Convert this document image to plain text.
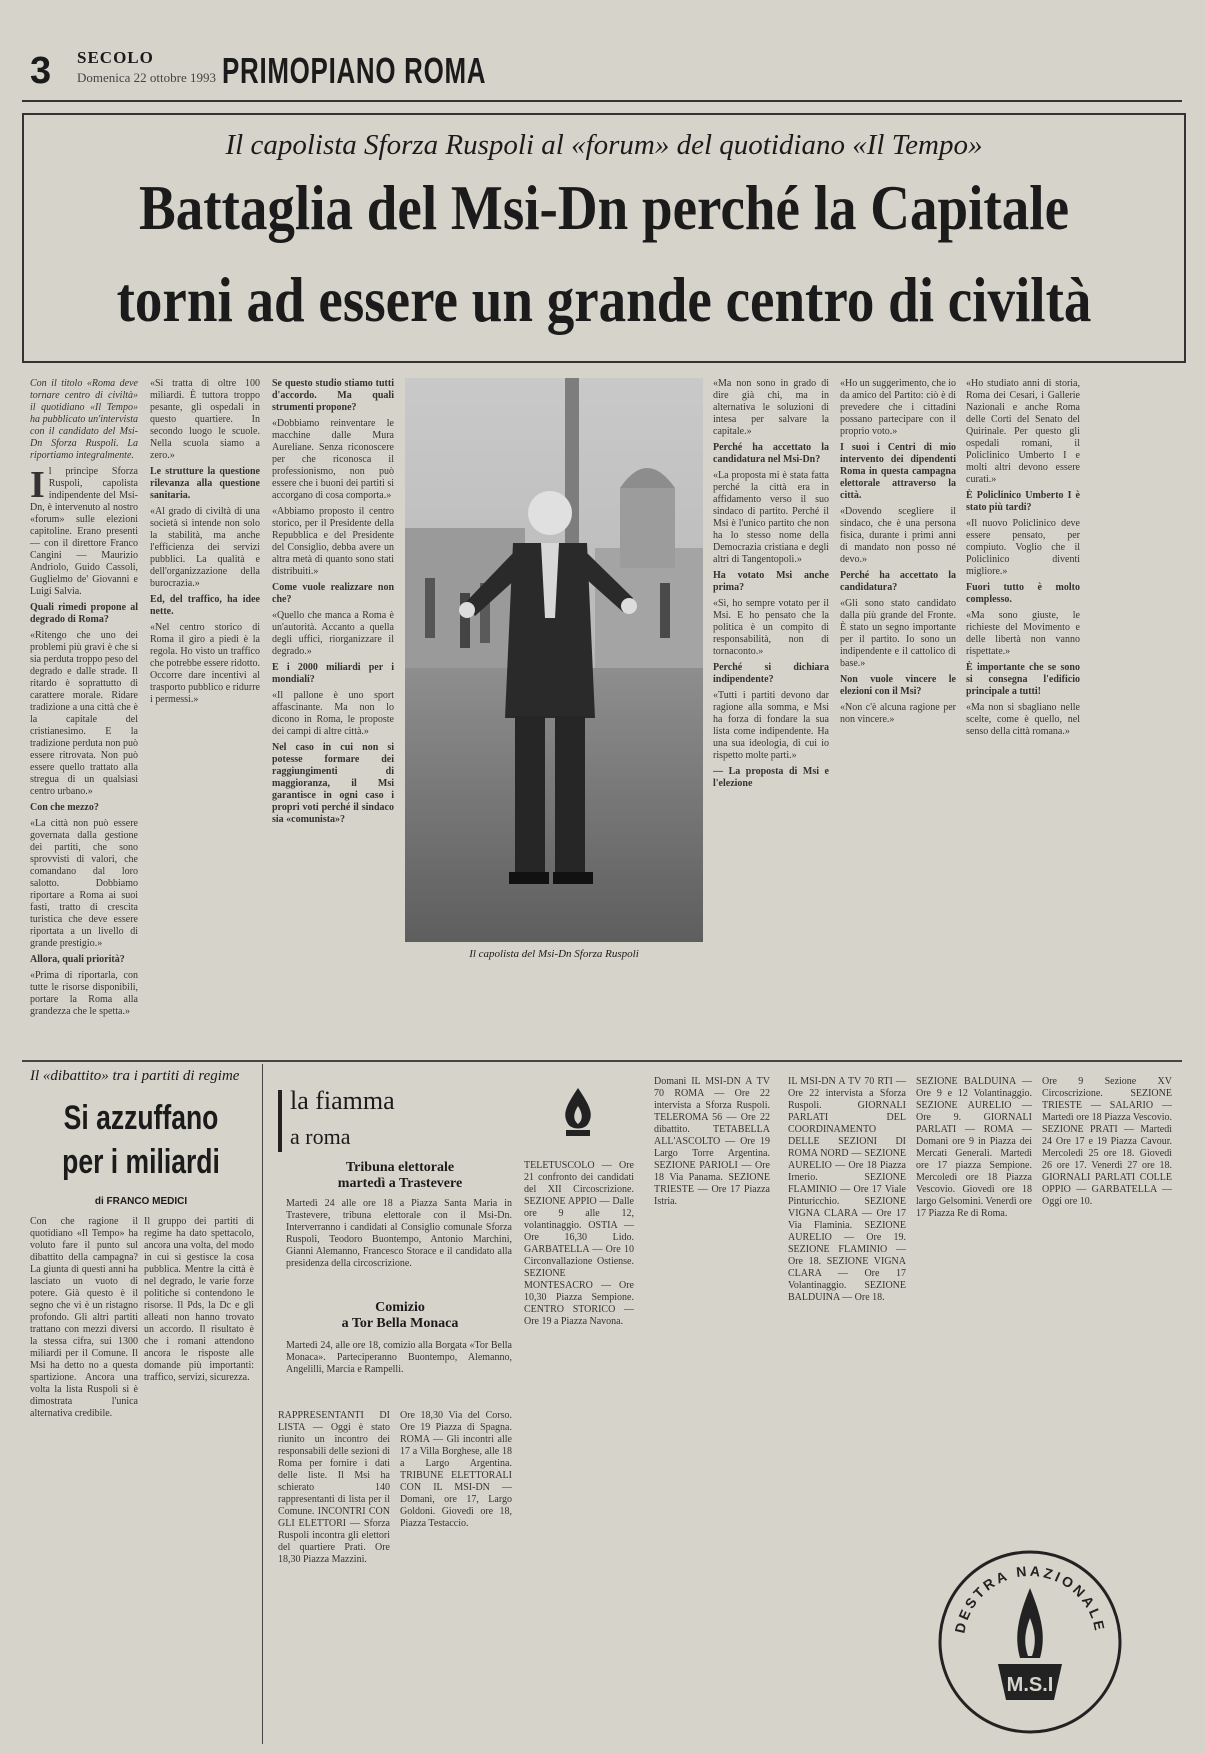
3 SECOLO
Domenica 22 ottobre 1993 PRIMOPIANO ROMA
Il capolista Sforza Ruspoli al «forum» del quotidiano «Il Tempo»
Battaglia del Msi-Dn perché la Capitale
torni ad essere un grande centro di civiltà

Con il titolo «Roma deve tornare centro di civiltà» il quotidiano «Il Tempo» ha pubblicato un'intervista con il candidato del Msi-Dn Sforza Ruspoli. La riportiamo integralmente.

Il principe Sforza Ruspoli, capolista indipendente del Msi-Dn, è intervenuto al nostro «forum» sulle elezioni capitoline. Erano presenti — con il direttore Franco Cangini — Maurizio Andriolo, Guido Cassoli, Guglielmo de' Giovanni e Luigi Salvia.

Quali rimedi propone al degrado di Roma?

«Ritengo che uno dei problemi più gravi è che si sia perduta troppo peso del degrado e dalle strade. Il ritardo è soprattutto di carattere morale. Ridare tradizione a una città che è la capitale del cristianesimo. E la tradizione perduta non può essere ritrovata. Non può essere quello trattato alla stregua di un qualsiasi centro urbano.»

Con che mezzo?

«La città non può essere governata dalla gestione dei partiti, che sono sprovvisti di valori, che comandano dal loro salotto. Dobbiamo riportare a Roma ai suoi fasti, tratto di crescita turistica che deve essere riportata a un livello di grande prestigio.»

Allora, quali priorità?

«Prima di riportarla, con tutte le risorse disponibili, portare la Roma alla grandezza che le spetta.»

«Si tratta di oltre 100 miliardi. È tuttora troppo pesante, gli ospedali in questo quartiere. In secondo luogo le scuole. Nella scuola siamo a zero.»

Le strutture la questione rilevanza alla questione sanitaria.

«Al grado di civiltà di una società si intende non solo la stabilità, ma anche l'efficienza dei servizi pubblici. La qualità e dell'organizzazione della burocrazia.»

Ed, del traffico, ha idee nette.

«Nel centro storico di Roma il giro a piedi è la regola. Ho visto un traffico che potrebbe essere ridotto. Occorre dare incentivi al trasporto pubblico e ridurre i permessi.»

Se questo studio stiamo tutti d'accordo. Ma quali strumenti propone?

«Dobbiamo reinventare le macchine dalle Mura Aureliane. Senza riconoscere per che riconosca il professionismo, non può essere che i buoni dei partiti si accorgano di cosa comporta.»

«Abbiamo proposto il centro storico, per il Presidente della Repubblica e del Presidente del Consiglio, debba avere un altra metà di quanto sono stati distribuiti.»

Come vuole realizzare non che?

«Quello che manca a Roma è un'autorità. Accanto a quella degli uffici, riorganizzare il degrado.»

E i 2000 miliardi per i mondiali?

«Il pallone è uno sport affascinante. Ma non lo dicono in Roma, le proposte dei campi di altre città.»

Nel caso in cui non si potesse formare dei raggiungimenti di maggioranza, il Msi garantisce in ogni caso i propri voti perché il sindaco sia «comunista»?

Il capolista del Msi-Dn Sforza Ruspoli

«Ma non sono in grado di dire già chi, ma in alternativa le soluzioni di intesa per salvare la capitale.»

Perché ha accettato la candidatura nel Msi-Dn?

«La proposta mi è stata fatta perché la città era in affidamento verso il suo sindaco di partito. Perché il Msi è l'unico partito che non ha lo stesso nome della Democrazia cristiana e degli altri di Tangentopoli.»

Ha votato Msi anche prima?

«Sì, ho sempre votato per il Msi. E ho pensato che la politica è un compito di responsabilità, non di tornaconto.»

Perché si dichiara indipendente?

«Tutti i partiti devono dar ragione alla somma, e Msi ha forza di fondare la sua lista come indipendente. Ha una sua ideologia, di cui io rispetto molte parti.»

— La proposta di Msi e l'elezione

«Ho un suggerimento, che io da amico del Partito: ciò è di prevedere che i cittadini possano partecipare con il proprio voto.»

I suoi i Centri di mio intervento dei dipendenti Roma in questa campagna elettorale attraverso la città.

«Dovendo scegliere il sindaco, che è una persona fisica, durante i primi anni di mandato non posso né devo.»

Perché ha accettato la candidatura?

«Gli sono stato candidato dalla più grande del Fronte. È stato un segno importante per il partito. Io sono un indipendente e il cattolico di base.»

Non vuole vincere le elezioni con il Msi?

«Non c'è alcuna ragione per non vincere.»

«Ho studiato anni di storia, Roma dei Cesari, i Gallerie Nazionali e anche Roma delle Corti del Senato del Quirinale. Per questo gli ospedali romani, il Policlinico Umberto I e molti altri devono essere curati.»

È Policlinico Umberto I è stato più tardi?

«Il nuovo Policlinico deve essere pensato, per compiuto. Voglio che il Policlinico diventi migliore.»

Fuori tutto è molto complesso.

«Ma sono giuste, le richieste del Movimento e delle libertà non vanno rispettate.»

È importante che se sono si consegna l'edificio principale a tutti!

«Ma non si sbagliano nelle scelte, come è quello, nel senso della città romana.»

Il «dibattito» tra i partiti di regime
Si azzuffano
per i miliardi
di FRANCO MEDICI

Con che ragione il quotidiano «Il Tempo» ha voluto fare il punto sul dibattito della campagna? La giunta di questi anni ha lasciato un vuoto di potere. Già questo è il segno che vi è un ristagno profondo. Gli altri partiti trattano con mezzi diversi la stessa cifra, sui 1300 miliardi per il Comune. Il Msi ha detto no a questa spartizione. Ancora una volta la lista Ruspoli si è dimostrata l'unica alternativa credibile.

Il gruppo dei partiti di regime ha dato spettacolo, ancora una volta, del modo in cui si gestisce la cosa pubblica. Mentre la città è nel degrado, le varie forze politiche si contendono le risorse. Il Pds, la Dc e gli alleati non hanno trovato un accordo. Il risultato è che i romani attendono ancora le risposte alle domande più importanti: traffico, servizi, sicurezza.

la fiamma
a roma
Tribuna elettorale
martedì a Trastevere

Martedì 24 alle ore 18 a Piazza Santa Maria in Trastevere, tribuna elettorale con il Msi-Dn. Interverranno i candidati al Consiglio comunale Sforza Ruspoli, Teodoro Buontempo, Antonio Marchini, Gianni Alemanno, Francesco Storace e il candidato alla presidenza della circoscrizione.

Comizio
a Tor Bella Monaca

Martedì 24, alle ore 18, comizio alla Borgata «Tor Bella Monaca». Parteciperanno Buontempo, Alemanno, Angelilli, Marcia e Rampelli.

RAPPRESENTANTI DI LISTA — Oggi è stato riunito un incontro dei responsabili delle sezioni di Roma per fornire i dati delle liste. Il Msi ha schierato 140 rappresentanti di lista per il Comune. INCONTRI CON GLI ELETTORI — Sforza Ruspoli incontra gli elettori del quartiere Prati. Ore 18,30 Piazza Mazzini.

Ore 18,30 Via del Corso. Ore 19 Piazza di Spagna. ROMA — Gli incontri alle 17 a Villa Borghese, alle 18 a Largo Argentina. TRIBUNE ELETTORALI CON IL MSI-DN — Domani, ore 17, Largo Goldoni. Giovedì ore 18, Piazza Testaccio.

TELETUSCOLO — Ore 21 confronto dei candidati del XII Circoscrizione. SEZIONE APPIO — Dalle ore 9 alle 12, volantinaggio. OSTIA — Ore 16,30 Lido. GARBATELLA — Ore 10 Circonvallazione Ostiense. SEZIONE MONTESACRO — Ore 10,30 Piazza Sempione. CENTRO STORICO — Ore 19 a Piazza Navona.

Domani IL MSI-DN A TV 70 ROMA — Ore 22 intervista a Sforza Ruspoli. TELEROMA 56 — Ore 22 dibattito. TETABELLA ALL'ASCOLTO — Ore 19 Largo Torre Argentina. SEZIONE PARIOLI — Ore 18 Via Panama. SEZIONE TRIESTE — Ore 17 Piazza Istria.

IL MSI-DN A TV 70 RTI — Ore 22 intervista a Sforza Ruspoli. GIORNALI PARLATI DEL COORDINAMENTO DELLE SEZIONI DI ROMA NORD — SEZIONE AURELIO — Ore 18 Piazza Irnerio. SEZIONE FLAMINIO — Ore 17 Viale Pinturicchio. SEZIONE VIGNA CLARA — Ore 17 Via Flaminia. SEZIONE AURELIO — Ore 19. SEZIONE FLAMINIO — Ore 18. SEZIONE VIGNA CLARA — Ore 17 Volantinaggio. SEZIONE BALDUINA — Ore 18.

SEZIONE BALDUINA — Ore 9 e 12 Volantinaggio. SEZIONE AURELIO — Ore 9. GIORNALI PARLATI — ROMA — Domani ore 9 in Piazza dei Mercati Generali. Martedì ore 17 piazza Sempione. Mercoledì ore 18 Piazza Vescovio. Giovedì ore 18 largo Gelsomini. Venerdì ore 17 Piazza Re di Roma.

Ore 9 Sezione XV Circoscrizione. SEZIONE TRIESTE — SALARIO — Martedì ore 18 Piazza Vescovio. SEZIONE PRATI — Martedì 24 Ore 17 e 19 Piazza Cavour. Mercoledì 25 ore 18. Giovedì 26 ore 17. Venerdì 27 ore 18. GIORNALI PARLATI COLLE OPPIO — GARBATELLA — Oggi ore 10.

DESTRA NAZIONALE
M.S.I
